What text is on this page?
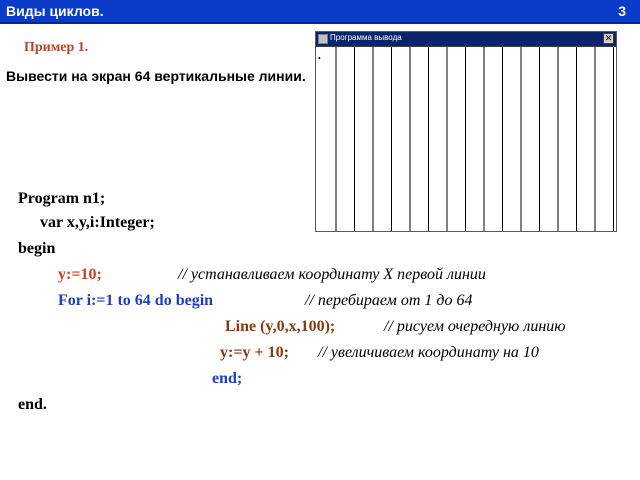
Виды циклов.	3
Пример 1.
Вывести на экран 64 вертикальные линии.
Программа вывода	✕
•
Program n1;
var x,y,i:Integer;
begin
y:=10;	// устанавливаем координату X первой линии
For i:=1 to 64 do begin	// перебираем от 1 до 64
Line (y,0,x,100);	// рисуем очередную линию
y:=y + 10; // увеличиваем координату на 10
end;
end.
